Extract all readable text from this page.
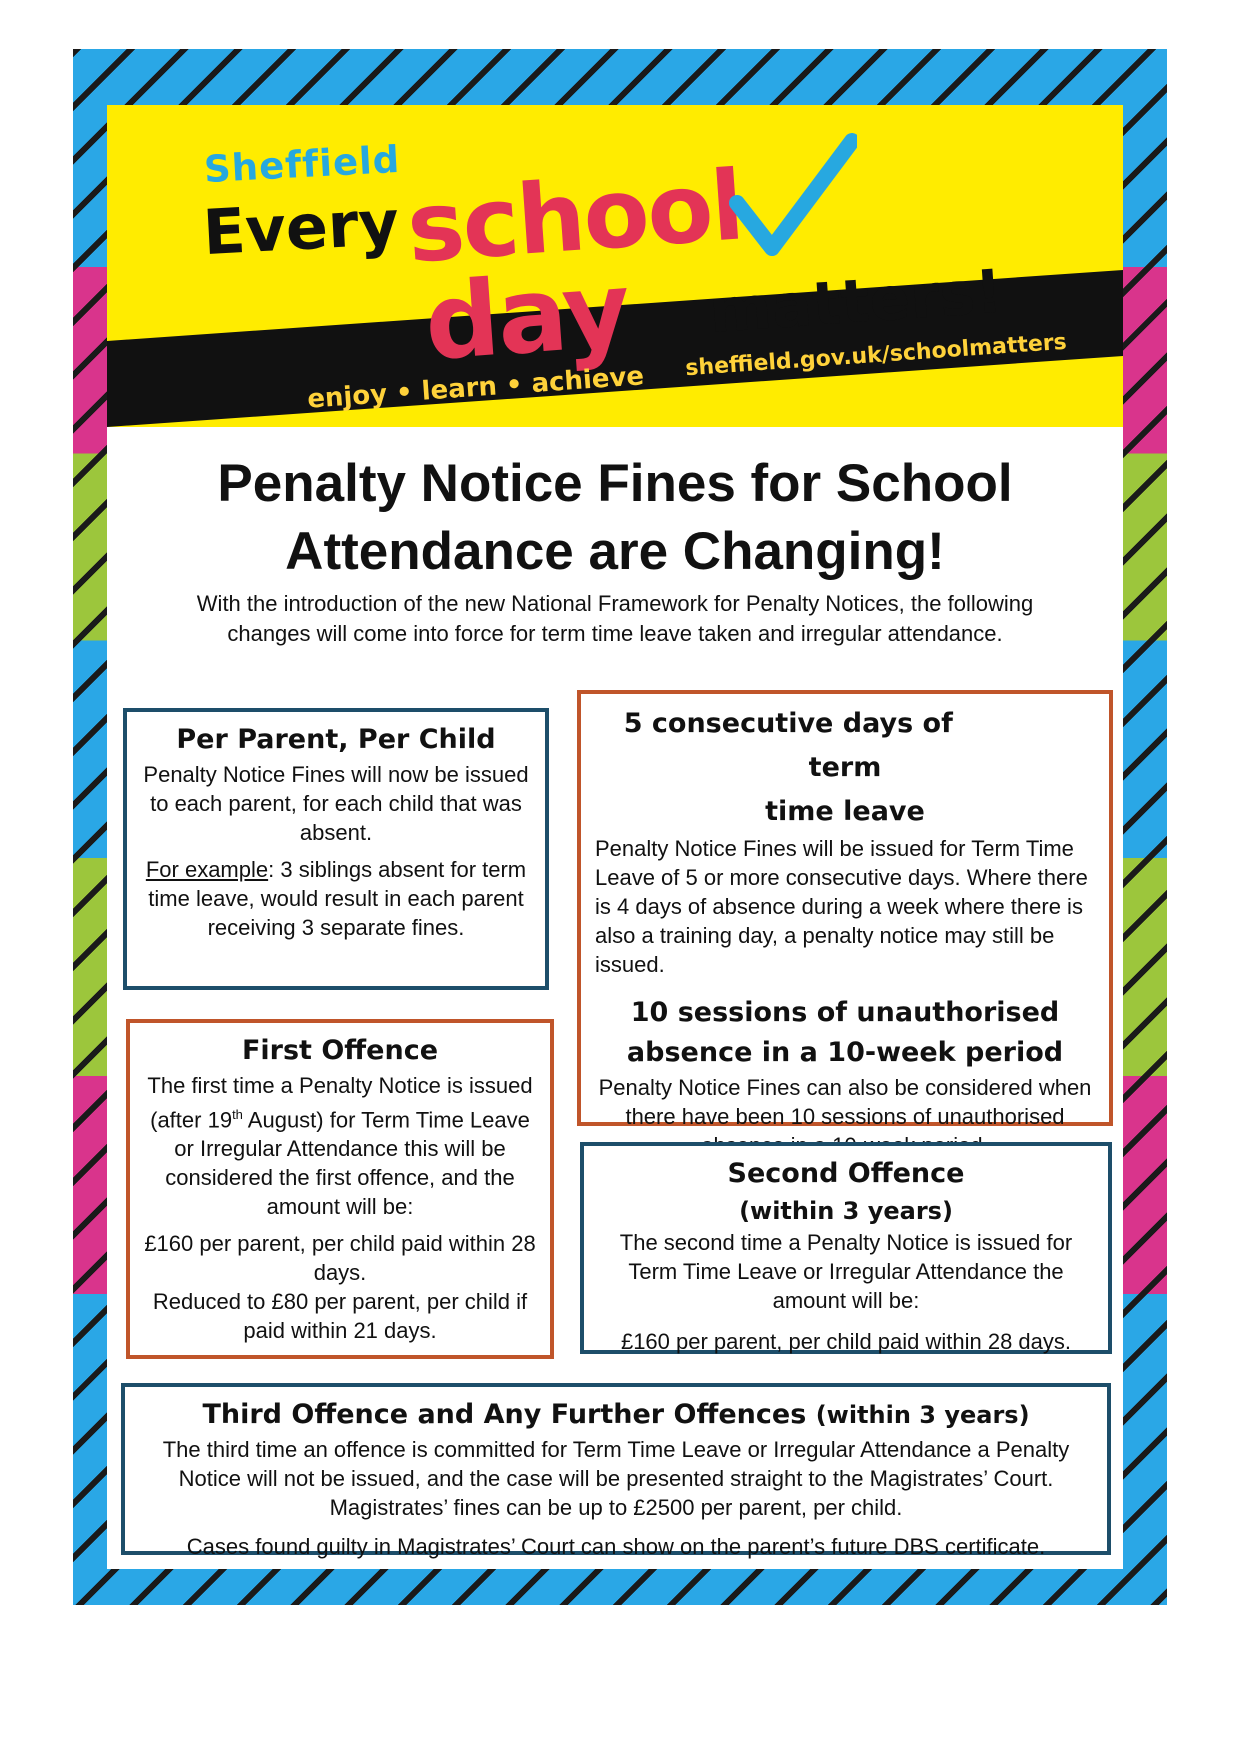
Sheffield
Every school
day matters!
enjoy • learn • achieve
sheffield.gov.uk/schoolmatters
Penalty Notice Fines for School
Attendance are Changing!
With the introduction of the new National Framework for Penalty Notices, the following
changes will come into force for term time leave taken and irregular attendance.
Per Parent, Per Child

Penalty Notice Fines will now be issued to each parent, for each child that was absent.

For example: 3 siblings absent for term time leave, would result in each parent receiving 3 separate fines.

5 consecutive days of  term
time leave

Penalty Notice Fines will be issued for Term Time Leave of 5 or more consecutive days. Where there is 4 days of absence during a week where there is also a training day, a penalty notice may still be issued.

10 sessions of unauthorised
absence in a 10-week period

Penalty Notice Fines can also be considered when there have been 10 sessions of unauthorised

First Offence

The first time a Penalty Notice is issued (after 19th August) for Term Time Leave or Irregular Attendance this will be considered the first offence, and the amount will be:

£160 per parent, per child paid within 28 days.
Reduced to £80 per parent, per child if paid within 21 days.

Second Offence
(within 3 years)

The second time a Penalty Notice is issued for Term Time Leave or Irregular Attendance the amount will be:

£160 per parent, per child paid within 28 days.

Third Offence and Any Further Offences (within 3 years)

The third time an offence is committed for Term Time Leave or Irregular Attendance a Penalty Notice will not be issued, and the case will be presented straight to the Magistrates’ Court. Magistrates’ fines can be up to £2500 per parent, per child.

Cases found guilty in Magistrates’ Court can show on the parent’s future DBS certificate.
